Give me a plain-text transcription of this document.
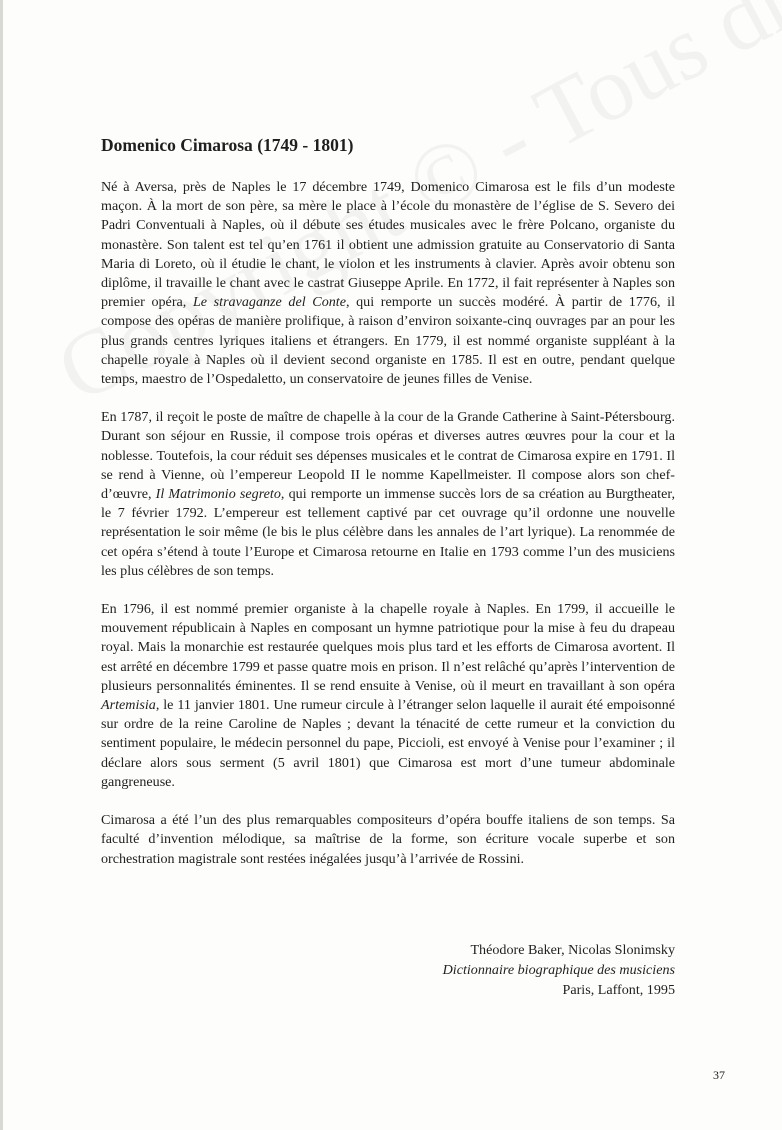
Domenico Cimarosa (1749 - 1801)

Né à Aversa, près de Naples le 17 décembre 1749, Domenico Cimarosa est le fils d’un modeste maçon. À la mort de son père, sa mère le place à l’école du monastère de l’église de S. Severo dei Padri Conventuali à Naples, où il débute ses études musicales avec le frère Polcano, organiste du monastère. Son talent est tel qu’en 1761 il obtient une admission gratuite au Conservatorio di Santa Maria di Loreto, où il étudie le chant, le violon et les instruments à clavier. Après avoir obtenu son diplôme, il travaille le chant avec le castrat Giuseppe Aprile. En 1772, il fait représenter à Naples son premier opéra, Le stravaganze del Conte, qui remporte un succès modéré. À partir de 1776, il compose des opéras de manière prolifique, à raison d’environ soixante-cinq ouvrages par an pour les plus grands centres lyriques italiens et étrangers. En 1779, il est nommé organiste suppléant à la chapelle royale à Naples où il devient second organiste en 1785. Il est en outre, pendant quelque temps, maestro de l’Ospedaletto, un conservatoire de jeunes filles de Venise.

En 1787, il reçoit le poste de maître de chapelle à la cour de la Grande Catherine à Saint-Pétersbourg. Durant son séjour en Russie, il compose trois opéras et diverses autres œuvres pour la cour et la noblesse. Toutefois, la cour réduit ses dépenses musicales et le contrat de Cimarosa expire en 1791. Il se rend à Vienne, où l’empereur Leopold II le nomme Kapellmeister. Il compose alors son chef-d’œuvre, Il Matrimonio segreto, qui remporte un immense succès lors de sa création au Burgtheater, le 7 février 1792. L’empereur est tellement captivé par cet ouvrage qu’il ordonne une nouvelle représentation le soir même (le bis le plus célèbre dans les annales de l’art lyrique). La renommée de cet opéra s’étend à toute l’Europe et Cimarosa retourne en Italie en 1793 comme l’un des musiciens les plus célèbres de son temps.

En 1796, il est nommé premier organiste à la chapelle royale à Naples. En 1799, il accueille le mouvement républicain à Naples en composant un hymne patriotique pour la mise à feu du drapeau royal. Mais la monarchie est restaurée quelques mois plus tard et les efforts de Cimarosa avortent. Il est arrêté en décembre 1799 et passe quatre mois en prison. Il n’est relâché qu’après l’intervention de plusieurs personnalités éminentes. Il se rend ensuite à Venise, où il meurt en travaillant à son opéra Artemisia, le 11 janvier 1801. Une rumeur circule à l’étranger selon laquelle il aurait été empoisonné sur ordre de la reine Caroline de Naples ; devant la ténacité de cette rumeur et la conviction du sentiment populaire, le médecin personnel du pape, Piccioli, est envoyé à Venise pour l’examiner ; il déclare alors sous serment (5 avril 1801) que Cimarosa est mort d’une tumeur abdominale gangreneuse.

Cimarosa a été l’un des plus remarquables compositeurs d’opéra bouffe italiens de son temps. Sa faculté d’invention mélodique, sa maîtrise de la forme, son écriture vocale superbe et son orchestration magistrale sont restées inégalées jusqu’à l’arrivée de Rossini.

Théodore Baker, Nicolas Slonimsky
Dictionnaire biographique des musiciens
Paris, Laffont, 1995
37
